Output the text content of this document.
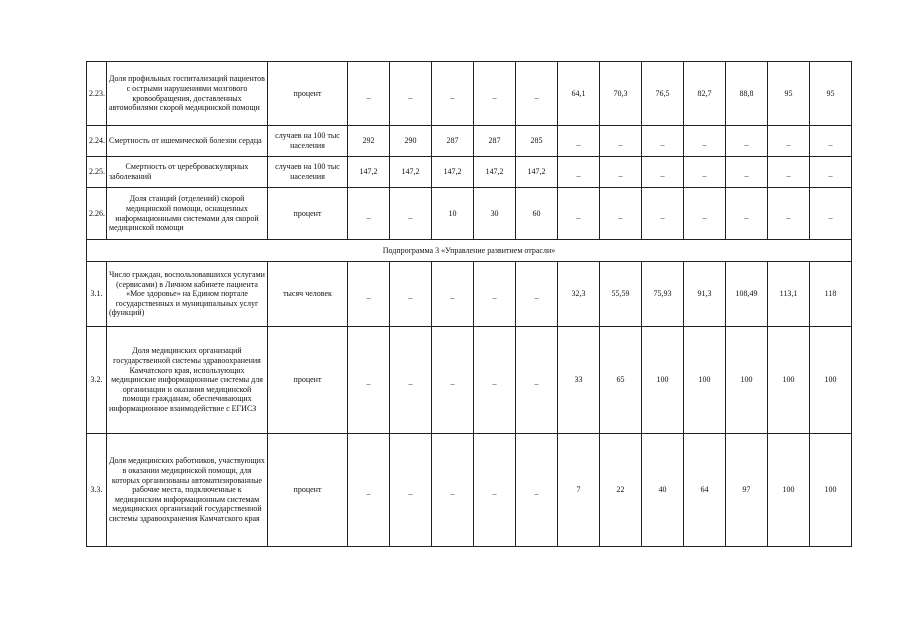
2.23.	Доля профильных госпитализаций пациентов с острыми нарушениями мозгового кровообращения, доставленных автомобилями скорой медицинской помощи	процент	–	–	–	–	–	64,1	70,3	76,5	82,7	88,8	95	95
2.24.	Смертность от ишемической болезни сердца	случаев на 100 тыс населения	292	290	287	287	285	–	–	–	–	–	–	–
2.25.	Смертность от цереброваскулярных заболеваний	случаев на 100 тыс населения	147,2	147,2	147,2	147,2	147,2	–	–	–	–	–	–	–
2.26.	Доля станций (отделений) скорой медицинской помощи, оснащенных информационными системами для скорой медицинской помощи	процент	–	–	10	30	60	–	–	–	–	–	–	–
Подпрограмма 3 «Управление развитием отрасли»														
3.1.	Число граждан, воспользовавшихся услугами (сервисами) в Личном кабинете пациента «Мое здоровье» на Едином портале государственных и муниципальных услуг (функций)	тысяч человек	–	–	–	–	–	32,3	55,59	75,93	91,3	108,49	113,1	118
3.2.	Доля медицинских организаций государственной системы здравоохранения Камчатского края, использующих медицинские информационные системы для организации и оказания медицинской помощи гражданам, обеспечивающих информационное взаимодействие с ЕГИСЗ	процент	–	–	–	–	–	33	65	100	100	100	100	100
3.3.	Доля медицинских работников, участвующих в оказании медицинской помощи, для которых организованы автоматизированные рабочие места, подключенные к медицинским информационным системам медицинских организаций государственной системы здравоохранения Камчатского края	процент	–	–	–	–	–	7	22	40	64	97	100	100
